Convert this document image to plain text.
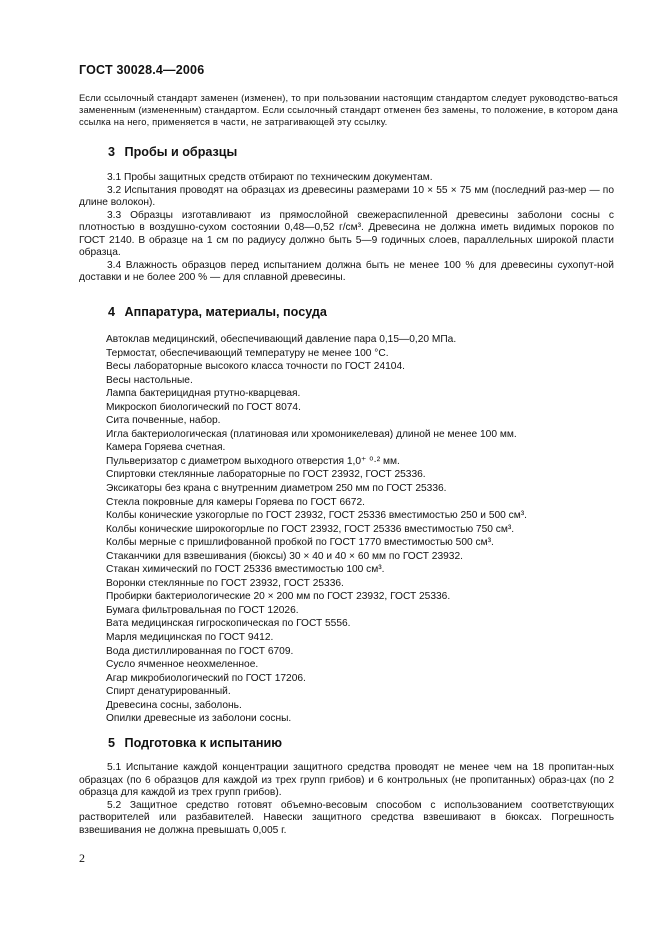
ГОСТ 30028.4—2006

Если ссылочный стандарт заменен (изменен), то при пользовании настоящим стандартом следует руководство-ваться замененным (измененным) стандартом. Если ссылочный стандарт отменен без замены, то положение, в котором дана ссылка на него, применяется в части, не затрагивающей эту ссылку.

3 Пробы и образцы

3.1 Пробы защитных средств отбирают по техническим документам.

3.2 Испытания проводят на образцах из древесины размерами 10 × 55 × 75 мм (последний раз-мер — по длине волокон).

3.3 Образцы изготавливают из прямослойной свежераспиленной древесины заболони сосны с плотностью в воздушно-сухом состоянии 0,48—0,52 г/см³. Древесина не должна иметь видимых пороков по ГОСТ 2140. В образце на 1 см по радиусу должно быть 5—9 годичных слоев, параллельных широкой пласти образца.

3.4 Влажность образцов перед испытанием должна быть не менее 100 % для древесины сухопут-ной доставки и не более 200 % — для сплавной древесины.

4 Аппаратура, материалы, посуда
Автоклав медицинский, обеспечивающий давление пара 0,15—0,20 МПа.
Термостат, обеспечивающий температуру не менее 100 °С.
Весы лабораторные высокого класса точности по ГОСТ 24104.
Весы настольные.
Лампа бактерицидная ртутно-кварцевая.
Микроскоп биологический по ГОСТ 8074.
Сита почвенные, набор.
Игла бактериологическая (платиновая или хромоникелевая) длиной не менее 100 мм.
Камера Горяева счетная.
Пульверизатор с диаметром выходного отверстия 1,0⁺ ⁰·² мм.
Спиртовки стеклянные лабораторные по ГОСТ 23932, ГОСТ 25336.
Эксикаторы без крана с внутренним диаметром 250 мм по ГОСТ 25336.
Стекла покровные для камеры Горяева по ГОСТ 6672.
Колбы конические узкогорлые по ГОСТ 23932, ГОСТ 25336 вместимостью 250 и 500 см³.
Колбы конические широкогорлые по ГОСТ 23932, ГОСТ 25336 вместимостью 750 см³.
Колбы мерные с пришлифованной пробкой по ГОСТ 1770 вместимостью 500 см³.
Стаканчики для взвешивания (бюксы) 30 × 40 и 40 × 60 мм по ГОСТ 23932.
Стакан химический по ГОСТ 25336 вместимостью 100 см³.
Воронки стеклянные по ГОСТ 23932, ГОСТ 25336.
Пробирки бактериологические 20 × 200 мм по ГОСТ 23932, ГОСТ 25336.
Бумага фильтровальная по ГОСТ 12026.
Вата медицинская гигроскопическая по ГОСТ 5556.
Марля медицинская по ГОСТ 9412.
Вода дистиллированная по ГОСТ 6709.
Сусло ячменное неохмеленное.
Агар микробиологический по ГОСТ 17206.
Спирт денатурированный.
Древесина сосны, заболонь.
Опилки древесные из заболони сосны.
5 Подготовка к испытанию

5.1 Испытание каждой концентрации защитного средства проводят не менее чем на 18 пропитан-ных образцах (по 6 образцов для каждой из трех групп грибов) и 6 контрольных (не пропитанных) образ-цах (по 2 образца для каждой из трех групп грибов).

5.2 Защитное средство готовят объемно-весовым способом с использованием соответствующих растворителей или разбавителей. Навески защитного средства взвешивают в бюксах. Погрешность взвешивания не должна превышать 0,005 г.

2
